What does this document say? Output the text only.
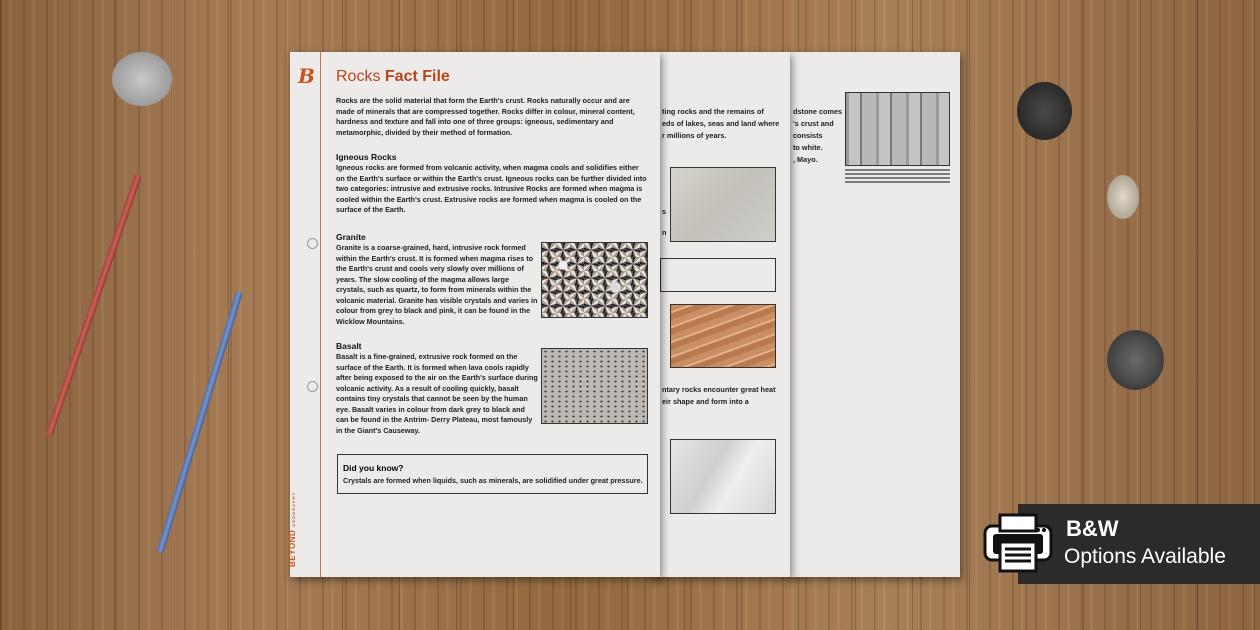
dstone comes
's crust and
consists
to white.
, Mayo.
ting rocks and the remains of
eds of lakes, seas and land where
r millions of years.
s
n
ntary rocks encounter great heat
eir shape and form into a
B Rocks Fact File
Rocks are the solid material that form the Earth's crust. Rocks naturally occur and are made of minerals that are compressed together. Rocks differ in colour, mineral content, hardness and texture and fall into one of three groups: igneous, sedimentary and metamorphic, divided by their method of formation.
Igneous Rocks
Igneous rocks are formed from volcanic activity, when magma cools and solidifies either on the Earth's surface or within the Earth's crust. Igneous rocks can be further divided into two categories: intrusive and extrusive rocks. Intrusive Rocks are formed when magma is cooled within the Earth's crust. Extrusive rocks are formed when magma is cooled on the surface of the Earth.
Granite
Granite is a coarse-grained, hard, intrusive rock formed within the Earth's crust. It is formed when magma rises to the Earth's crust and cools very slowly over millions of years. The slow cooling of the magma allows large crystals, such as quartz, to form from minerals within the volcanic material. Granite has visible crystals and varies in colour from grey to black and pink, it can be found in the Wicklow Mountains.
Basalt
Basalt is a fine-grained, extrusive rock formed on the surface of the Earth. It is formed when lava cools rapidly after being exposed to the air on the Earth's surface during volcanic activity. As a result of cooling quickly, basalt contains tiny crystals that cannot be seen by the human eye. Basalt varies in colour from dark grey to black and can be found in the Antrim- Derry Plateau, most famously in the Giant's Causeway.
Did you know?
Crystals are formed when liquids, such as minerals, are solidified under great pressure.
BEYONDGEOGRAPHY
B&W
Options Available
